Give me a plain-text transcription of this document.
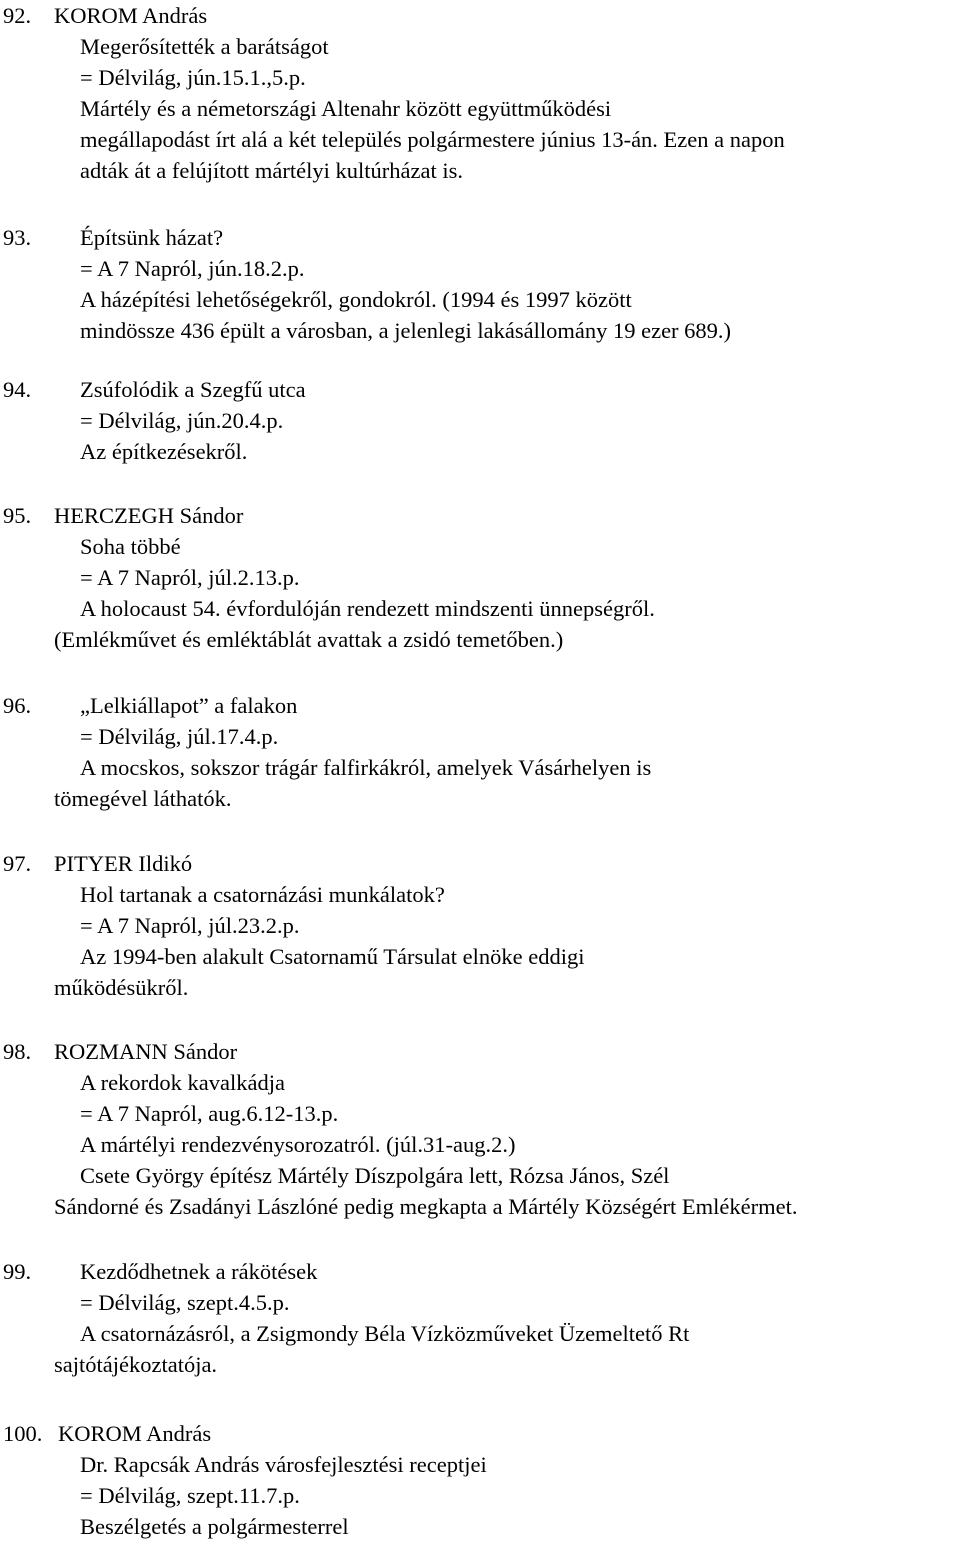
92. KOROM András
Megerősítették a barátságot
= Délvilág, jún.15.1.,5.p.
Mártély és a németországi Altenahr között együttműködési
megállapodást írt alá a két település polgármestere június 13-án. Ezen a napon
adták át a felújított mártélyi kultúrházat is.
93. Építsünk házat?
= A 7 Napról, jún.18.2.p.
A házépítési lehetőségekről, gondokról. (1994 és 1997 között
mindössze 436 épült a városban, a jelenlegi lakásállomány 19 ezer 689.)
94. Zsúfolódik a Szegfű utca
= Délvilág, jún.20.4.p.
Az építkezésekről.
95. HERCZEGH Sándor
Soha többé
= A 7 Napról, júl.2.13.p.
A holocaust 54. évfordulóján rendezett mindszenti ünnepségről.
(Emlékművet és emléktáblát avattak a zsidó temetőben.)
96. „Lelkiállapot” a falakon
= Délvilág, júl.17.4.p.
A mocskos, sokszor trágár falfirkákról, amelyek Vásárhelyen is
tömegével láthatók.
97. PITYER Ildikó
Hol tartanak a csatornázási munkálatok?
= A 7 Napról, júl.23.2.p.
Az 1994-ben alakult Csatornamű Társulat elnöke eddigi
működésükről.
98. ROZMANN Sándor
A rekordok kavalkádja
= A 7 Napról, aug.6.12-13.p.
A mártélyi rendezvénysorozatról. (júl.31-aug.2.)
Csete György építész Mártély Díszpolgára lett, Rózsa János, Szél
Sándorné és Zsadányi Lászlóné pedig megkapta a Mártély Községért Emlékérmet.
99. Kezdődhetnek a rákötések
= Délvilág, szept.4.5.p.
A csatornázásról, a Zsigmondy Béla Vízközműveket Üzemeltető Rt
sajtótájékoztatója.
100. KOROM András
Dr. Rapcsák András városfejlesztési receptjei
= Délvilág, szept.11.7.p.
Beszélgetés a polgármesterrel
